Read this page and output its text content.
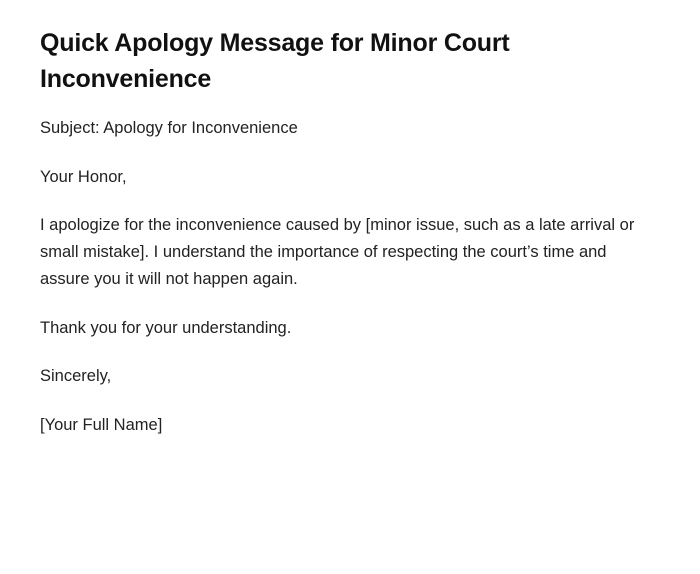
Quick Apology Message for Minor Court Inconvenience

Subject: Apology for Inconvenience

Your Honor,

I apologize for the inconvenience caused by [minor issue, such as a late arrival or small mistake]. I understand the importance of respecting the court’s time and assure you it will not happen again.

Thank you for your understanding.

Sincerely,

[Your Full Name]
